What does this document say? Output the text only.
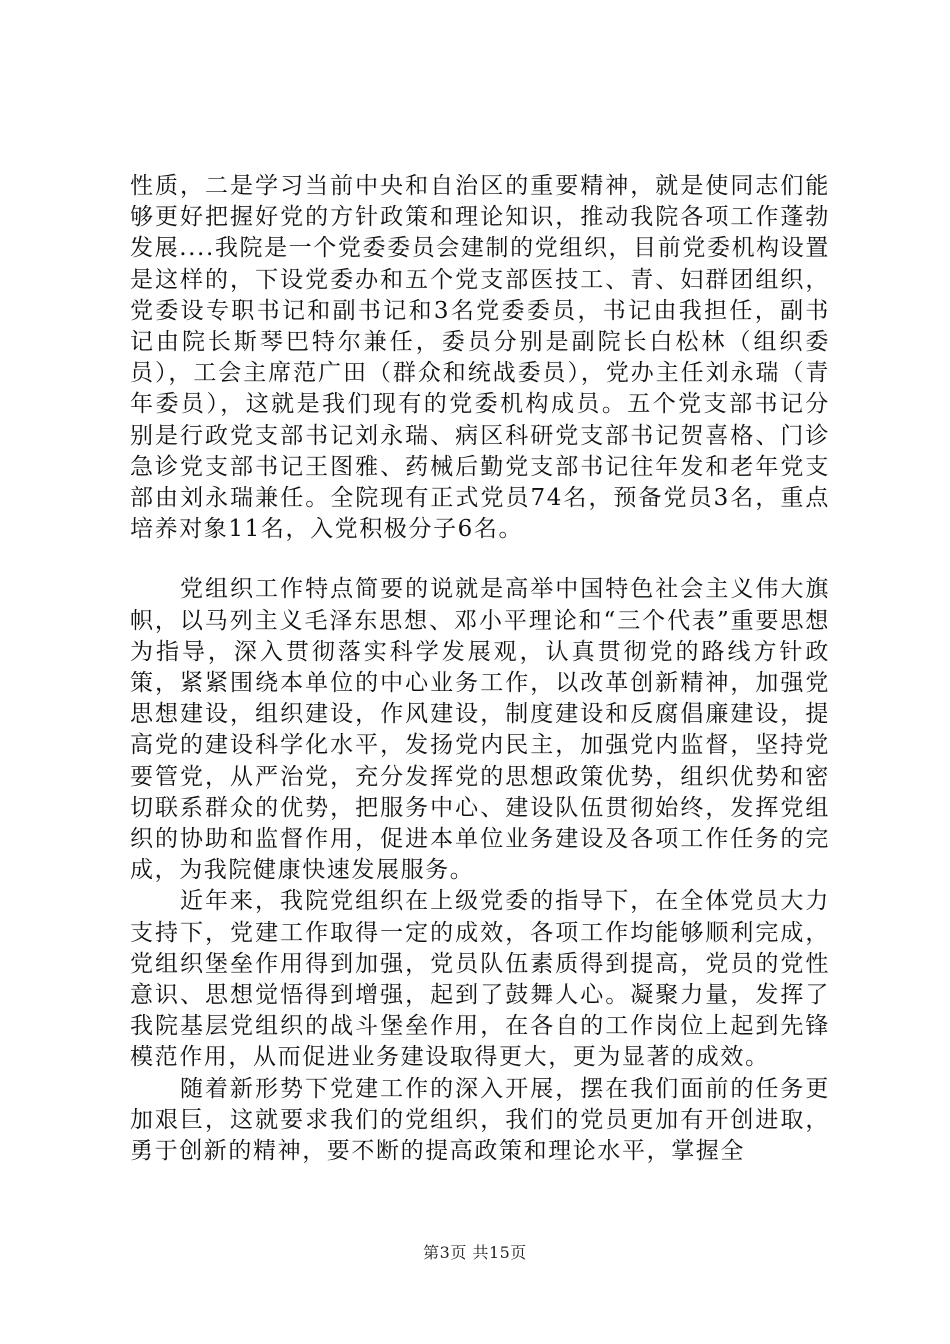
性质，二是学习当前中央和自治区的重要精神，就是使同志们能够更好把握好党的方针政策和理论知识，推动我院各项工作蓬勃发展....我院是一个党委委员会建制的党组织，目前党委机构设置是这样的，下设党委办和五个党支部医技工、青、妇群团组织，党委设专职书记和副书记和3名党委委员，书记由我担任，副书记由院长斯琴巴特尔兼任，委员分别是副院长白松林（组织委员），工会主席范广田（群众和统战委员），党办主任刘永瑞（青年委员），这就是我们现有的党委机构成员。五个党支部书记分别是行政党支部书记刘永瑞、病区科研党支部书记贺喜格、门诊急诊党支部书记王图雅、药械后勤党支部书记往年发和老年党支部由刘永瑞兼任。全院现有正式党员74名，预备党员3名，重点培养对象11名，入党积极分子6名。

党组织工作特点简要的说就是高举中国特色社会主义伟大旗帜，以马列主义毛泽东思想、邓小平理论和“三个代表”重要思想为指导，深入贯彻落实科学发展观，认真贯彻党的路线方针政策，紧紧围绕本单位的中心业务工作，以改革创新精神，加强党思想建设，组织建设，作风建设，制度建设和反腐倡廉建设，提高党的建设科学化水平，发扬党内民主，加强党内监督，坚持党要管党，从严治党，充分发挥党的思想政策优势，组织优势和密切联系群众的优势，把服务中心、建设队伍贯彻始终，发挥党组织的协助和监督作用，促进本单位业务建设及各项工作任务的完成，为我院健康快速发展服务。

近年来，我院党组织在上级党委的指导下，在全体党员大力支持下，党建工作取得一定的成效，各项工作均能够顺利完成，党组织堡垒作用得到加强，党员队伍素质得到提高，党员的党性意识、思想觉悟得到增强，起到了鼓舞人心。凝聚力量，发挥了我院基层党组织的战斗堡垒作用，在各自的工作岗位上起到先锋模范作用，从而促进业务建设取得更大，更为显著的成效。

随着新形势下党建工作的深入开展，摆在我们面前的任务更加艰巨，这就要求我们的党组织，我们的党员更加有开创进取，勇于创新的精神，要不断的提高政策和理论水平，掌握全

第3页 共15页
